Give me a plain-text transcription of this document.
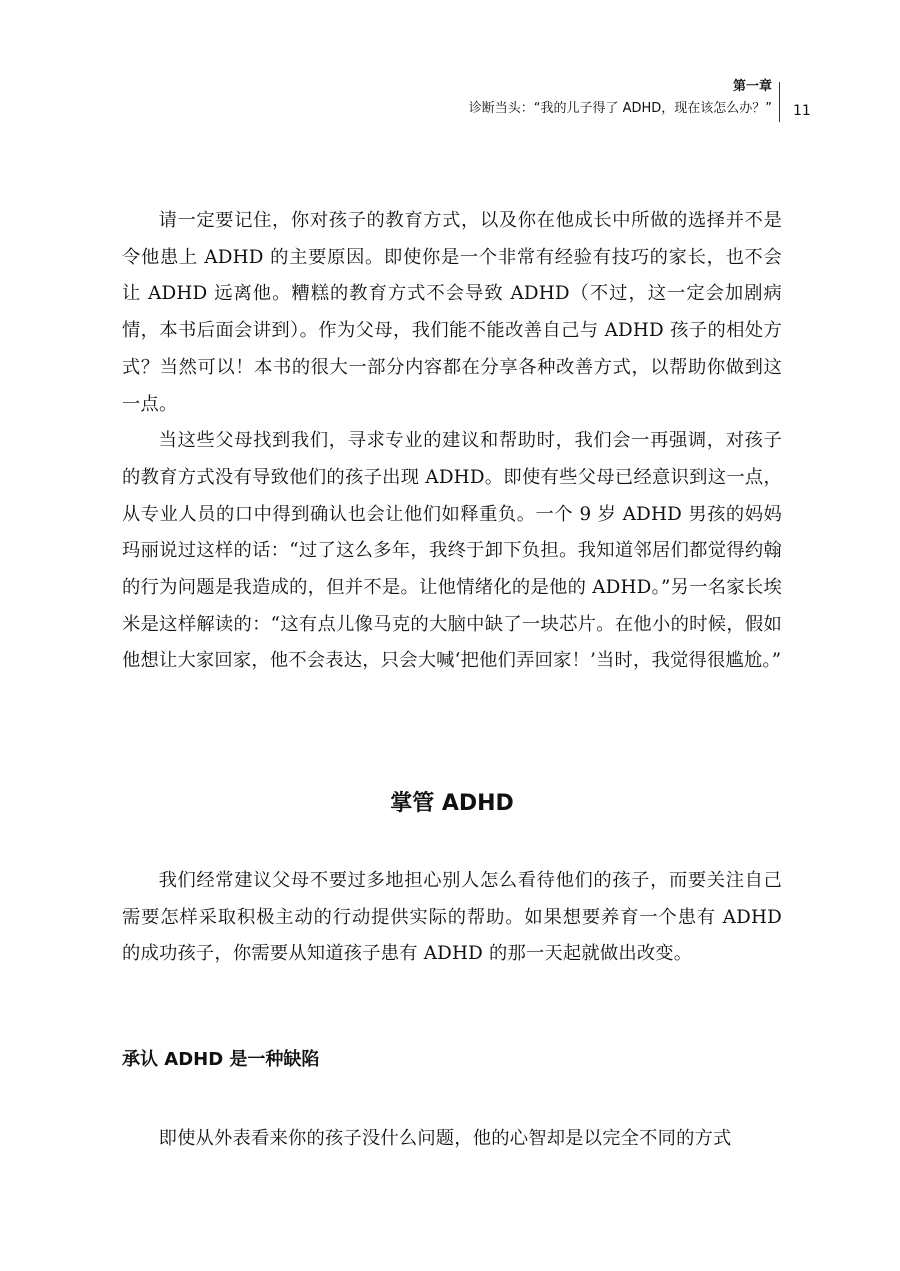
第一章
诊断当头：“我的儿子得了 ADHD，现在该怎么办？” 11

请一定要记住，你对孩子的教育方式，以及你在他成长中所做的选择并不是令他患上 ADHD 的主要原因。即使你是一个非常有经验有技巧的家长，也不会让 ADHD 远离他。糟糕的教育方式不会导致 ADHD（不过，这一定会加剧病情，本书后面会讲到）。作为父母，我们能不能改善自己与 ADHD 孩子的相处方式？当然可以！本书的很大一部分内容都在分享各种改善方式，以帮助你做到这一点。

当这些父母找到我们，寻求专业的建议和帮助时，我们会一再强调，对孩子的教育方式没有导致他们的孩子出现 ADHD。即使有些父母已经意识到这一点，从专业人员的口中得到确认也会让他们如释重负。一个 9 岁 ADHD 男孩的妈妈玛丽说过这样的话：“过了这么多年，我终于卸下负担。我知道邻居们都觉得约翰的行为问题是我造成的，但并不是。让他情绪化的是他的 ADHD。”另一名家长埃米是这样解读的：“这有点儿像马克的大脑中缺了一块芯片。在他小的时候，假如他想让大家回家，他不会表达，只会大喊‘把他们弄回家！’当时，我觉得很尴尬。”

掌管 ADHD

我们经常建议父母不要过多地担心别人怎么看待他们的孩子，而要关注自己需要怎样采取积极主动的行动提供实际的帮助。如果想要养育一个患有 ADHD 的成功孩子，你需要从知道孩子患有 ADHD 的那一天起就做出改变。

承认 ADHD 是一种缺陷

即使从外表看来你的孩子没什么问题，他的心智却是以完全不同的方式
